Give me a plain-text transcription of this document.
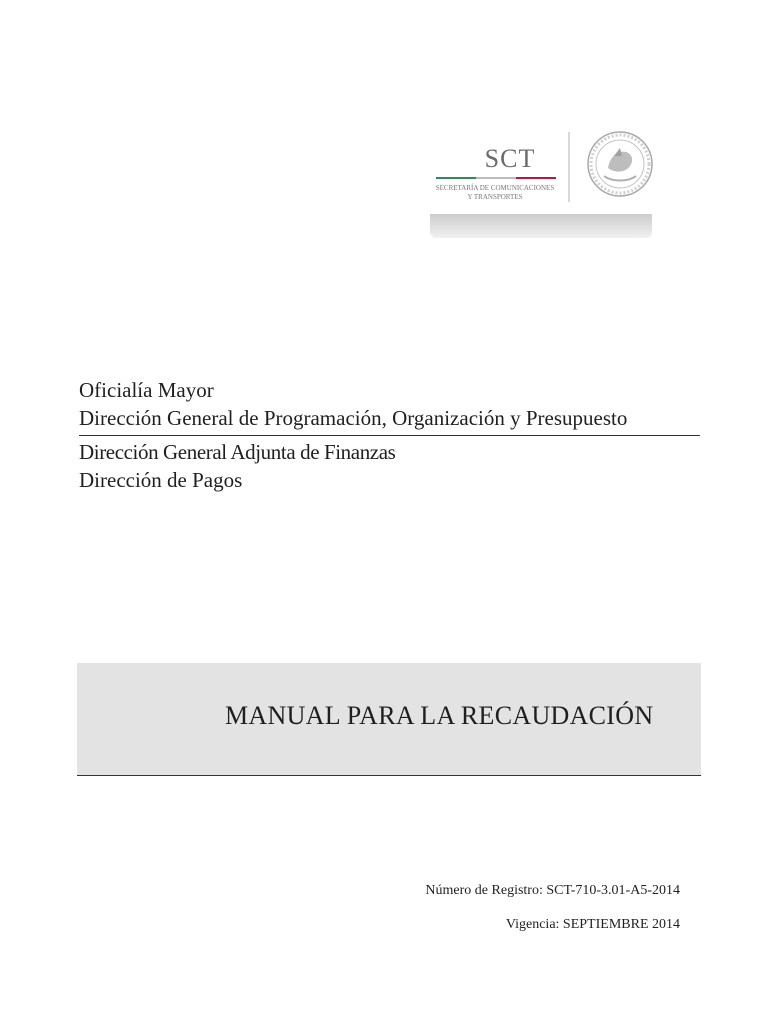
SCT
SECRETARÍA DE COMUNICACIONES
Y TRANSPORTES
Oficialía Mayor
Dirección General de Programación, Organización y Presupuesto
Dirección General Adjunta de Finanzas
Dirección de Pagos
MANUAL PARA LA RECAUDACIÓN
Número de Registro: SCT-710-3.01-A5-2014
Vigencia: SEPTIEMBRE 2014
